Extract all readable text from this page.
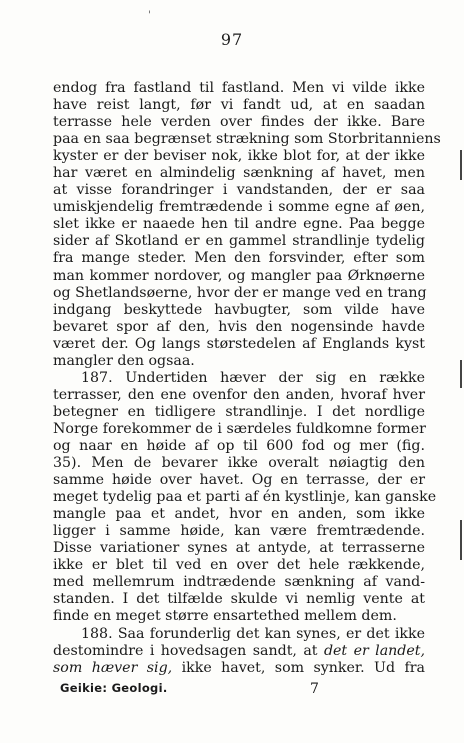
'
97
endog fra fastland til fastland. Men vi vilde ikke
have reist langt, før vi fandt ud, at en saadan
terrasse hele verden over findes der ikke. Bare
paa en saa begrænset strækning som Storbritanniens
kyster er der beviser nok, ikke blot for, at der ikke
har været en almindelig sænkning af havet, men
at visse forandringer i vandstanden, der er saa
umiskjendelig fremtrædende i somme egne af øen,
slet ikke er naaede hen til andre egne. Paa begge
sider af Skotland er en gammel strandlinje tydelig
fra mange steder. Men den forsvinder, efter som
man kommer nordover, og mangler paa Ørknøerne
og Shetlandsøerne, hvor der er mange ved en trang
indgang beskyttede havbugter, som vilde have
bevaret spor af den, hvis den nogensinde havde
været der. Og langs størstedelen af Englands kyst
mangler den ogsaa.
187. Undertiden hæver der sig en række
terrasser, den ene ovenfor den anden, hvoraf hver
betegner en tidligere strandlinje. I det nordlige
Norge forekommer de i særdeles fuldkomne former
og naar en høide af op til 600 fod og mer (fig.
35). Men de bevarer ikke overalt nøiagtig den
samme høide over havet. Og en terrasse, der er
meget tydelig paa et parti af én kystlinje, kan ganske
mangle paa et andet, hvor en anden, som ikke
ligger i samme høide, kan være fremtrædende.
Disse variationer synes at antyde, at terrasserne
ikke er blet til ved en over det hele rækkende,
med mellemrum indtrædende sænkning af vand-
standen. I det tilfælde skulde vi nemlig vente at
finde en meget større ensartethed mellem dem.
188. Saa forunderlig det kan synes, er det ikke
destomindre i hovedsagen sandt, at det er landet,
som hæver sig, ikke havet, som synker. Ud fra
Geikie: Geologi.	7
